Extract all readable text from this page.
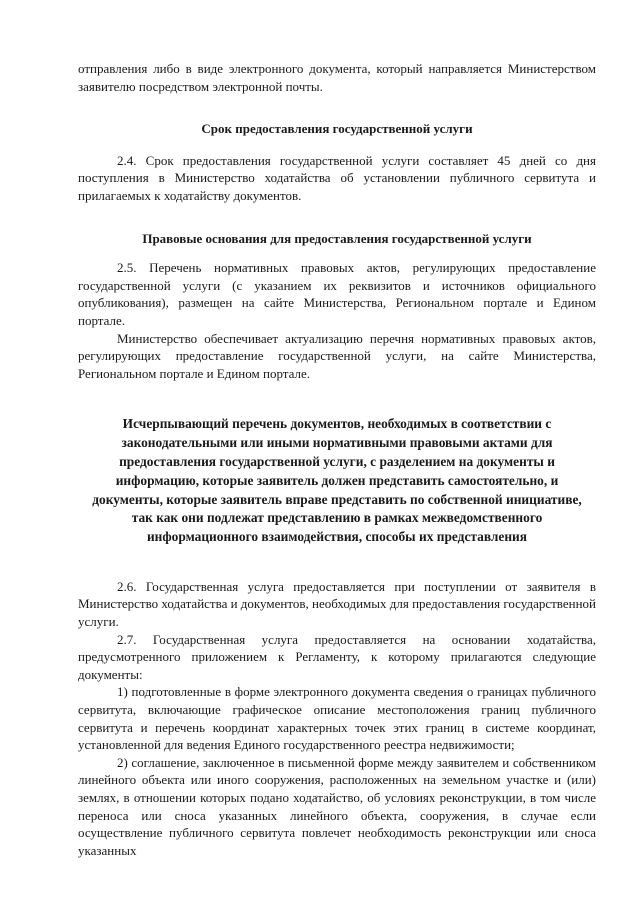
отправления либо в виде электронного документа, который направляется Министерством заявителю посредством электронной почты.

Срок предоставления государственной услуги

2.4. Срок предоставления государственной услуги составляет 45 дней со дня поступления в Министерство ходатайства об установлении публичного сервитута и прилагаемых к ходатайству документов.

Правовые основания для предоставления государственной услуги

2.5. Перечень нормативных правовых актов, регулирующих предоставление государственной услуги (с указанием их реквизитов и источников официального опубликования), размещен на сайте Министерства, Региональном портале и Едином портале.

Министерство обеспечивает актуализацию перечня нормативных правовых актов, регулирующих предоставление государственной услуги, на сайте Министерства, Региональном портале и Едином портале.

Исчерпывающий перечень документов, необходимых в соответствии с законодательными или иными нормативными правовыми актами для предоставления государственной услуги, с разделением на документы и информацию, которые заявитель должен представить самостоятельно, и документы, которые заявитель вправе представить по собственной инициативе, так как они подлежат представлению в рамках межведомственного информационного взаимодействия, способы их представления

2.6. Государственная услуга предоставляется при поступлении от заявителя в Министерство ходатайства и документов, необходимых для предоставления государственной услуги.

2.7. Государственная услуга предоставляется на основании ходатайства, предусмотренного приложением к Регламенту, к которому прилагаются следующие документы:

1) подготовленные в форме электронного документа сведения о границах публичного сервитута, включающие графическое описание местоположения границ публичного сервитута и перечень координат характерных точек этих границ в системе координат, установленной для ведения Единого государственного реестра недвижимости;

2) соглашение, заключенное в письменной форме между заявителем и собственником линейного объекта или иного сооружения, расположенных на земельном участке и (или) землях, в отношении которых подано ходатайство, об условиях реконструкции, в том числе переноса или сноса указанных линейного объекта, сооружения, в случае если осуществление публичного сервитута повлечет необходимость реконструкции или сноса указанных
